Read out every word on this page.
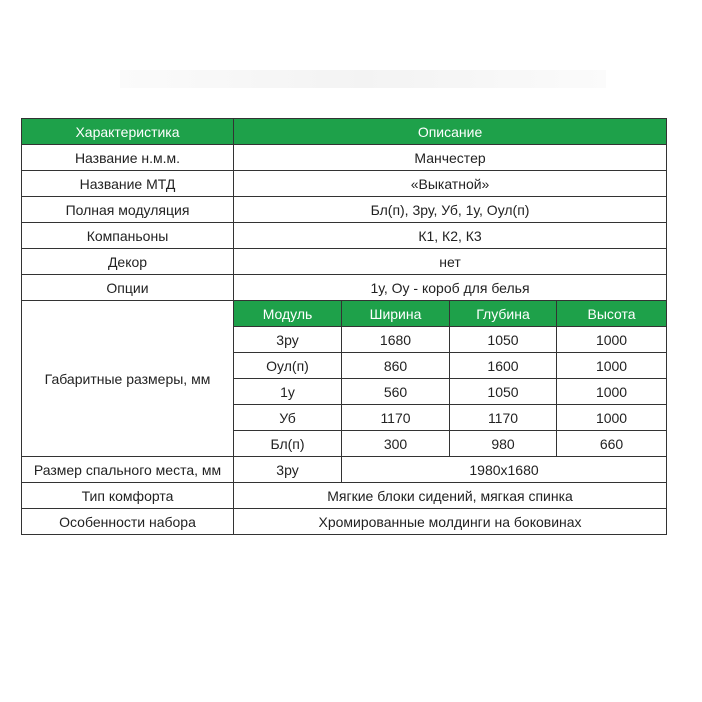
Характеристика	Описание			
Название н.м.м.	Манчестер			
Название МТД	«Выкатной»			
Полная модуляция	Бл(п), 3ру, Уб, 1у, Оул(п)			
Компаньоны	К1, К2, К3			
Декор	нет			
Опции	1у, Оу - короб для белья			
Габаритные размеры, мм	Модуль	Ширина	Глубина	Высота
	3ру	1680	1050	1000
	Оул(п)	860	1600	1000
	1у	560	1050	1000
	Уб	1170	1170	1000
	Бл(п)	300	980	660
Размер спального места, мм	3ру	1980х1680		
Тип комфорта	Мягкие блоки сидений, мягкая спинка			
Особенности набора	Хромированные молдинги на боковинах			
